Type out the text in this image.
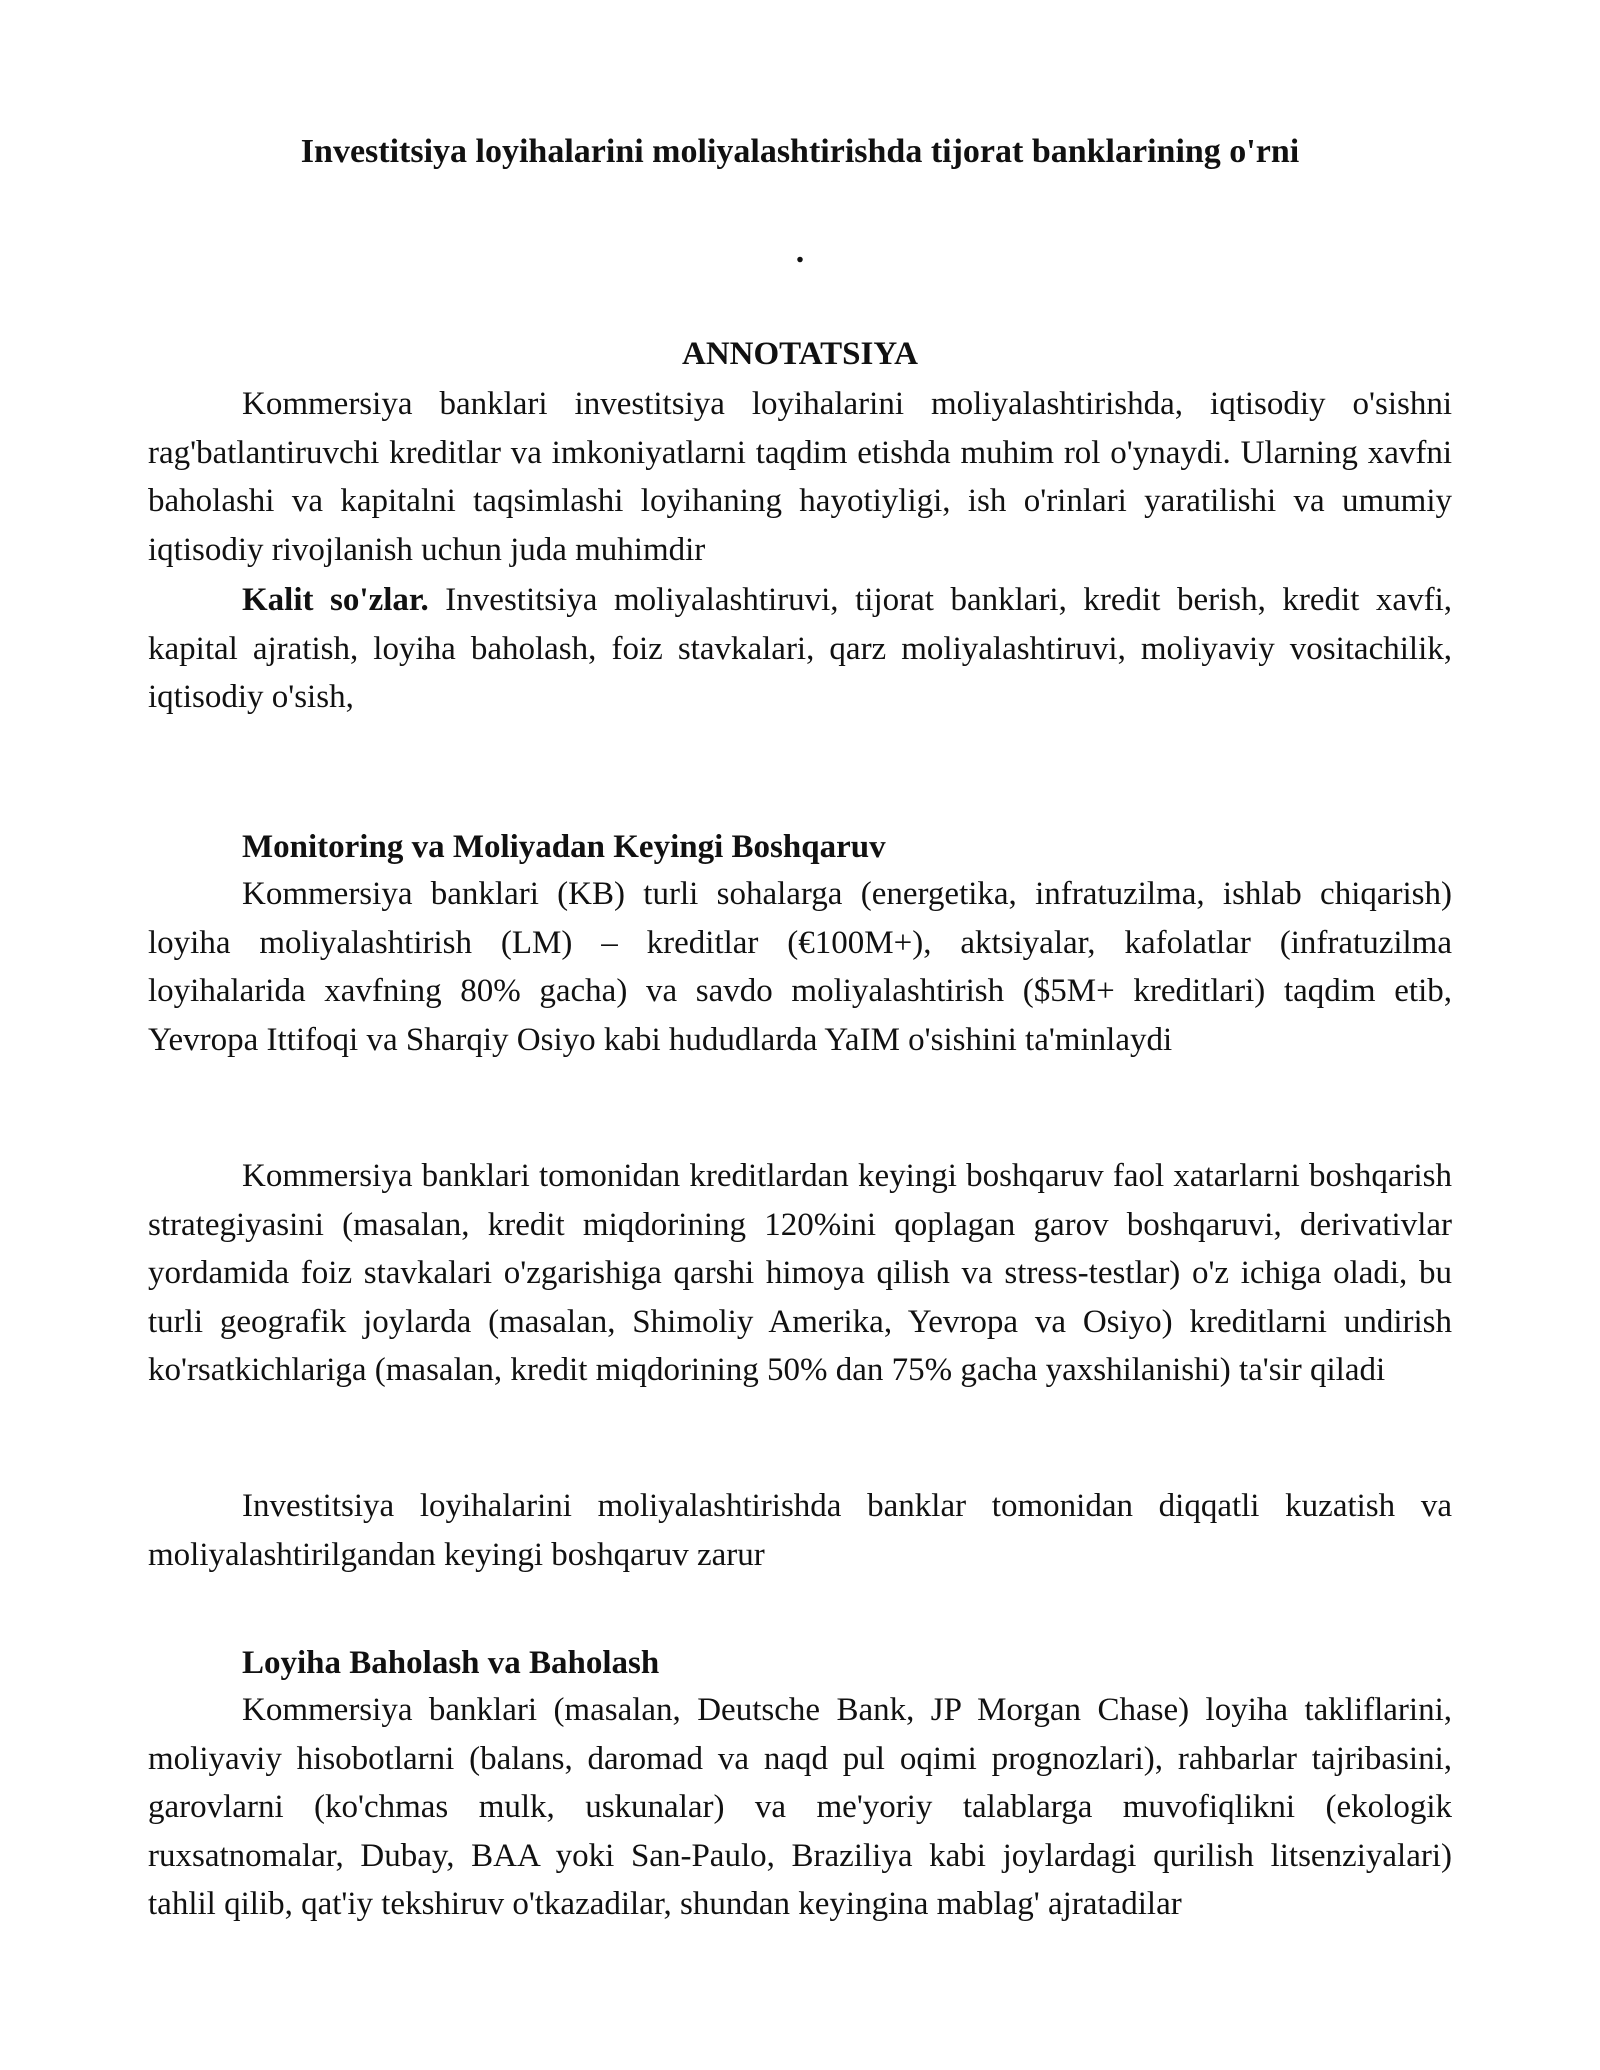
Investitsiya loyihalarini moliyalashtirishda tijorat banklarining o'rni
.
ANNOTATSIYA

Kommersiya banklari investitsiya loyihalarini moliyalashtirishda, iqtisodiy o'sishni rag'batlantiruvchi kreditlar va imkoniyatlarni taqdim etishda muhim rol o'ynaydi. Ularning xavfni baholashi va kapitalni taqsimlashi loyihaning hayotiyligi, ish o'rinlari yaratilishi va umumiy iqtisodiy rivojlanish uchun juda muhimdir

Kalit so'zlar. Investitsiya moliyalashtiruvi, tijorat banklari, kredit berish, kredit xavfi, kapital ajratish, loyiha baholash, foiz stavkalari, qarz moliyalashtiruvi, moliyaviy vositachilik, iqtisodiy o'sish,

Monitoring va Moliyadan Keyingi Boshqaruv

Kommersiya banklari (KB) turli sohalarga (energetika, infratuzilma, ishlab chiqarish) loyiha moliyalashtirish (LM) – kreditlar (€100M+), aktsiyalar, kafolatlar (infratuzilma loyihalarida xavfning 80% gacha) va savdo moliyalashtirish ($5M+ kreditlari) taqdim etib, Yevropa Ittifoqi va Sharqiy Osiyo kabi hududlarda YaIM o'sishini ta'minlaydi

Kommersiya banklari tomonidan kreditlardan keyingi boshqaruv faol xatarlarni boshqarish strategiyasini (masalan, kredit miqdorining 120%ini qoplagan garov boshqaruvi, derivativlar yordamida foiz stavkalari o'zgarishiga qarshi himoya qilish va stress-testlar) o'z ichiga oladi, bu turli geografik joylarda (masalan, Shimoliy Amerika, Yevropa va Osiyo) kreditlarni undirish ko'rsatkichlariga (masalan, kredit miqdorining 50% dan 75% gacha yaxshilanishi) ta'sir qiladi

Investitsiya loyihalarini moliyalashtirishda banklar tomonidan diqqatli kuzatish va moliyalashtirilgandan keyingi boshqaruv zarur

Loyiha Baholash va Baholash

Kommersiya banklari (masalan, Deutsche Bank, JP Morgan Chase) loyiha takliflarini, moliyaviy hisobotlarni (balans, daromad va naqd pul oqimi prognozlari), rahbarlar tajribasini, garovlarni (ko'chmas mulk, uskunalar) va me'yoriy talablarga muvofiqlikni (ekologik ruxsatnomalar, Dubay, BAA yoki San-Paulo, Braziliya kabi joylardagi qurilish litsenziyalari) tahlil qilib, qat'iy tekshiruv o'tkazadilar, shundan keyingina mablag' ajratadilar
